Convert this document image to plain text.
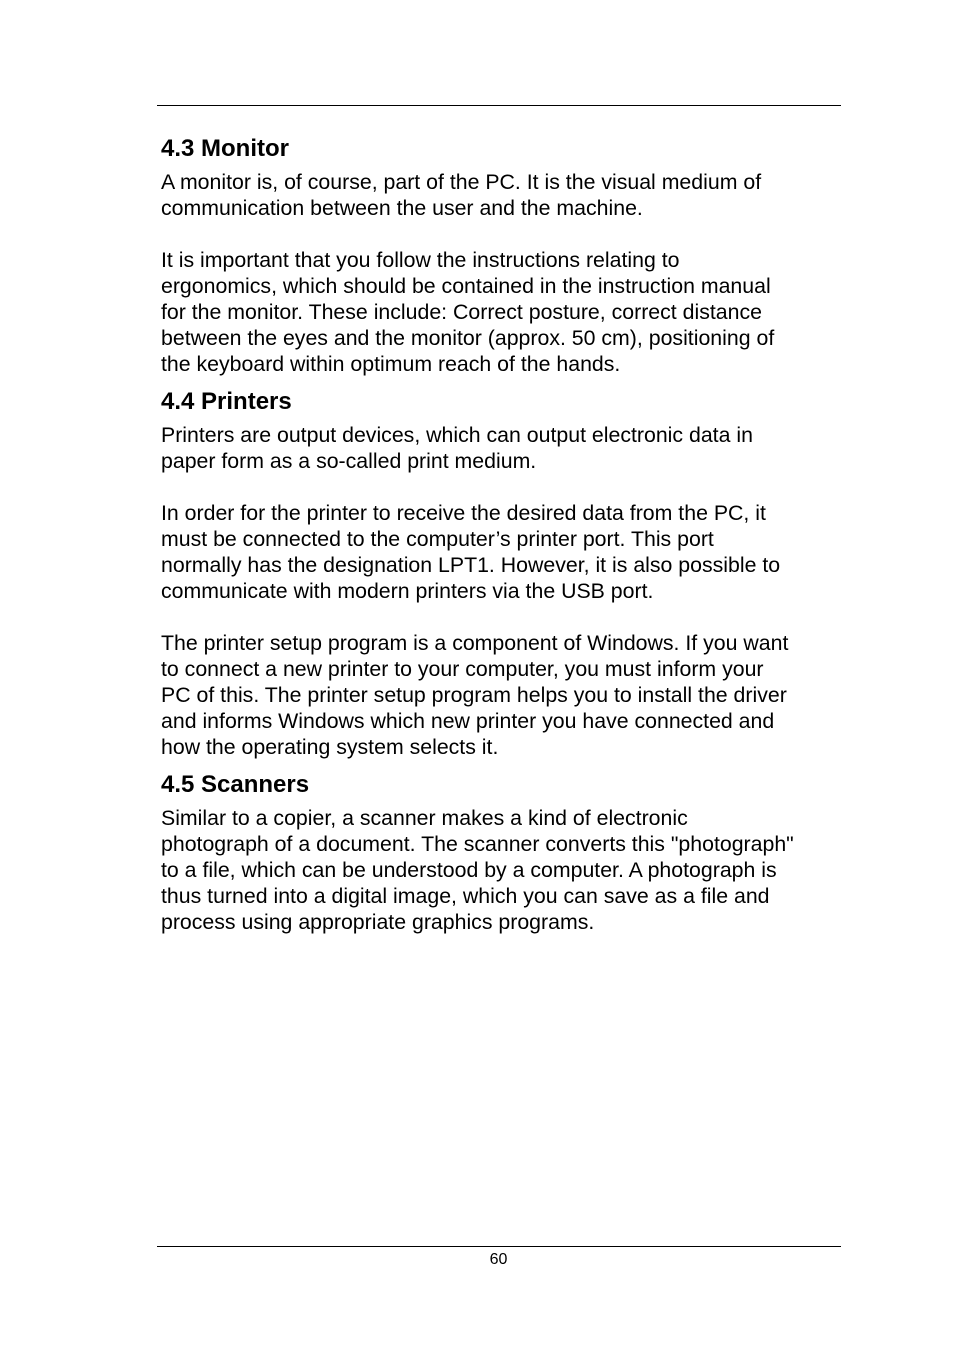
4.3 Monitor

A monitor is, of course, part of the PC. It is the visual medium of
communication between the user and the machine.

It is important that you follow the instructions relating to
ergonomics, which should be contained in the instruction manual
for the monitor. These include: Correct posture, correct distance
between the eyes and the monitor (approx. 50 cm), positioning of
the keyboard within optimum reach of the hands.

4.4 Printers

Printers are output devices, which can output electronic data in
paper form as a so-called print medium.

In order for the printer to receive the desired data from the PC, it
must be connected to the computer’s printer port. This port
normally has the designation LPT1. However, it is also possible to
communicate with modern printers via the USB port.

The printer setup program is a component of Windows. If you want
to connect a new printer to your computer, you must inform your
PC of this. The printer setup program helps you to install the driver
and informs Windows which new printer you have connected and
how the operating system selects it.

4.5 Scanners

Similar to a copier, a scanner makes a kind of electronic
photograph of a document. The scanner converts this "photograph"
to a file, which can be understood by a computer. A photograph is
thus turned into a digital image, which you can save as a file and
process using appropriate graphics programs.

60
